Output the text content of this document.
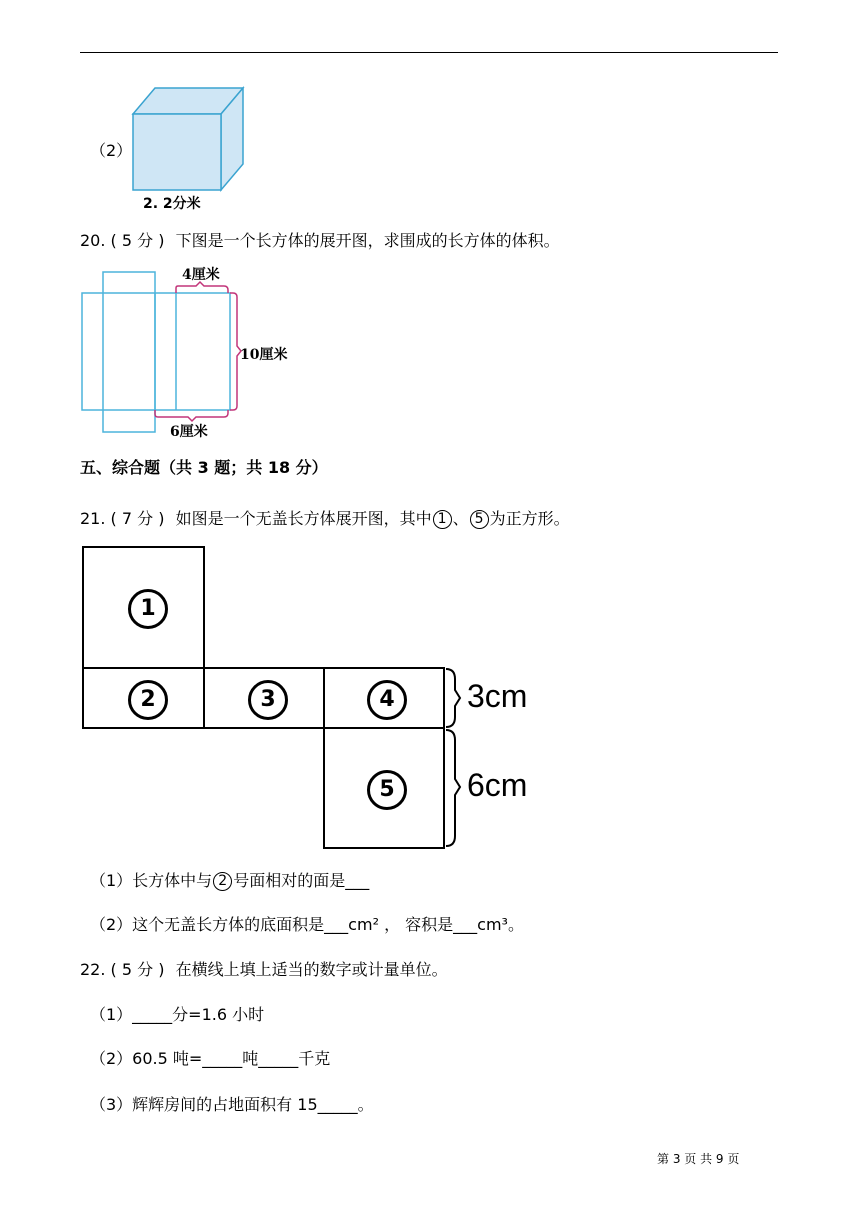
（2）
2. 2分米
20. ( 5 分 ) 下图是一个长方体的展开图，求围成的长方体的体积。
4厘米
10厘米
6厘米
五、综合题（共 3 题；共 18 分）
21. ( 7 分 ) 如图是一个无盖长方体展开图，其中 1 、 5 为正方形。
1
2	3	4
5
3cm
6cm
（1）长方体中与 2 号面相对的面是___
（2）这个无盖长方体的底面积是___cm² ， 容积是___cm³。
22. ( 5 分 ) 在横线上填上适当的数字或计量单位。
（1）_____分=1.6 小时
（2）60.5 吨=_____吨_____千克
（3）辉辉房间的占地面积有 15_____。
第 3 页 共 9 页
